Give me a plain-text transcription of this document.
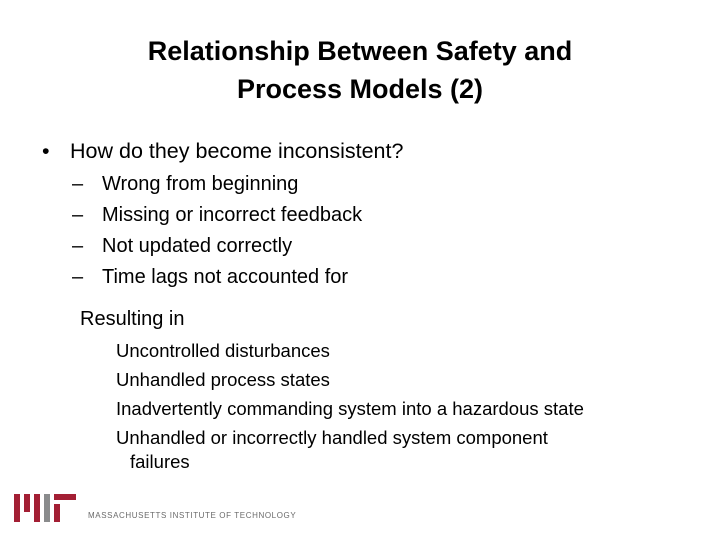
Relationship Between Safety and
Process Models (2)
• How do they become inconsistent?
– Wrong from beginning
– Missing or incorrect feedback
– Not updated correctly
– Time lags not accounted for
Resulting in
Uncontrolled disturbances
Unhandled process states
Inadvertently commanding system into a hazardous state
Unhandled or incorrectly handled system component
failures
MASSACHUSETTS INSTITUTE OF TECHNOLOGY
